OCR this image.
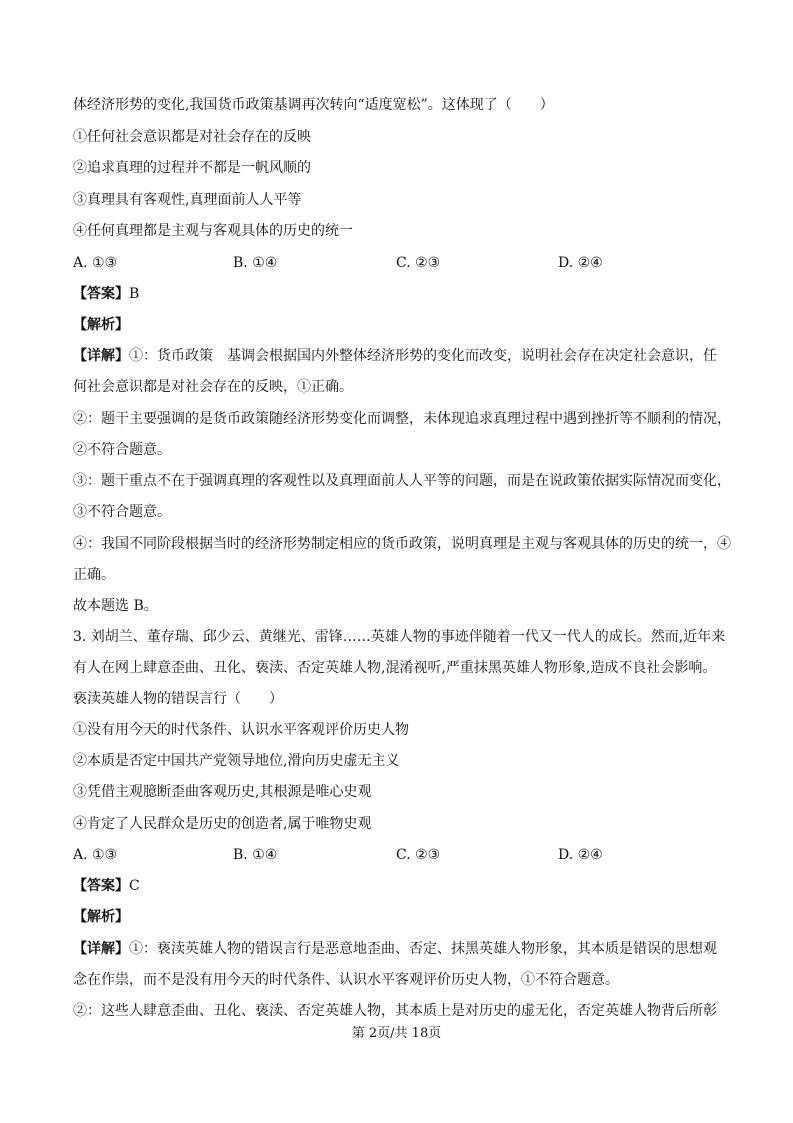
体经济形势的变化,我国货币政策基调再次转向“适度宽松”。这体现了（　　）
①任何社会意识都是对社会存在的反映
②追求真理的过程并不都是一帆风顺的
③真理具有客观性,真理面前人人平等
④任何真理都是主观与客观具体的历史的统一
A. ①③	B. ①④	C. ②③	D. ②④
【答案】B
【解析】
【详解】①：货币政策　基调会根据国内外整体经济形势的变化而改变，说明社会存在决定社会意识，任
何社会意识都是对社会存在的反映，①正确。
②：题干主要强调的是货币政策随经济形势变化而调整，未体现追求真理过程中遇到挫折等不顺利的情况，
②不符合题意。
③：题干重点不在于强调真理的客观性以及真理面前人人平等的问题，而是在说政策依据实际情况而变化，
③不符合题意。
④：我国不同阶段根据当时的经济形势制定相应的货币政策，说明真理是主观与客观具体的历史的统一，④
正确。
故本题选 B。
3. 刘胡兰、董存瑞、邱少云、黄继光、雷锋……英雄人物的事迹伴随着一代又一代人的成长。然而,近年来
有人在网上肆意歪曲、丑化、亵渎、否定英雄人物,混淆视听,严重抹黑英雄人物形象,造成不良社会影响。
亵渎英雄人物的错误言行（　　）
①没有用今天的时代条件、认识水平客观评价历史人物
②本质是否定中国共产党领导地位,滑向历史虚无主义
③凭借主观臆断歪曲客观历史,其根源是唯心史观
④肯定了人民群众是历史的创造者,属于唯物史观
A. ①③	B. ①④	C. ②③	D. ②④
【答案】C
【解析】
【详解】①：亵渎英雄人物的错误言行是恶意地歪曲、否定、抹黑英雄人物形象，其本质是错误的思想观
念在作祟，而不是没有用今天的时代条件、认识水平客观评价历史人物，①不符合题意。
②：这些人肆意歪曲、丑化、亵渎、否定英雄人物，其本质上是对历史的虚无化，否定英雄人物背后所彰
第 2页/共 18页
